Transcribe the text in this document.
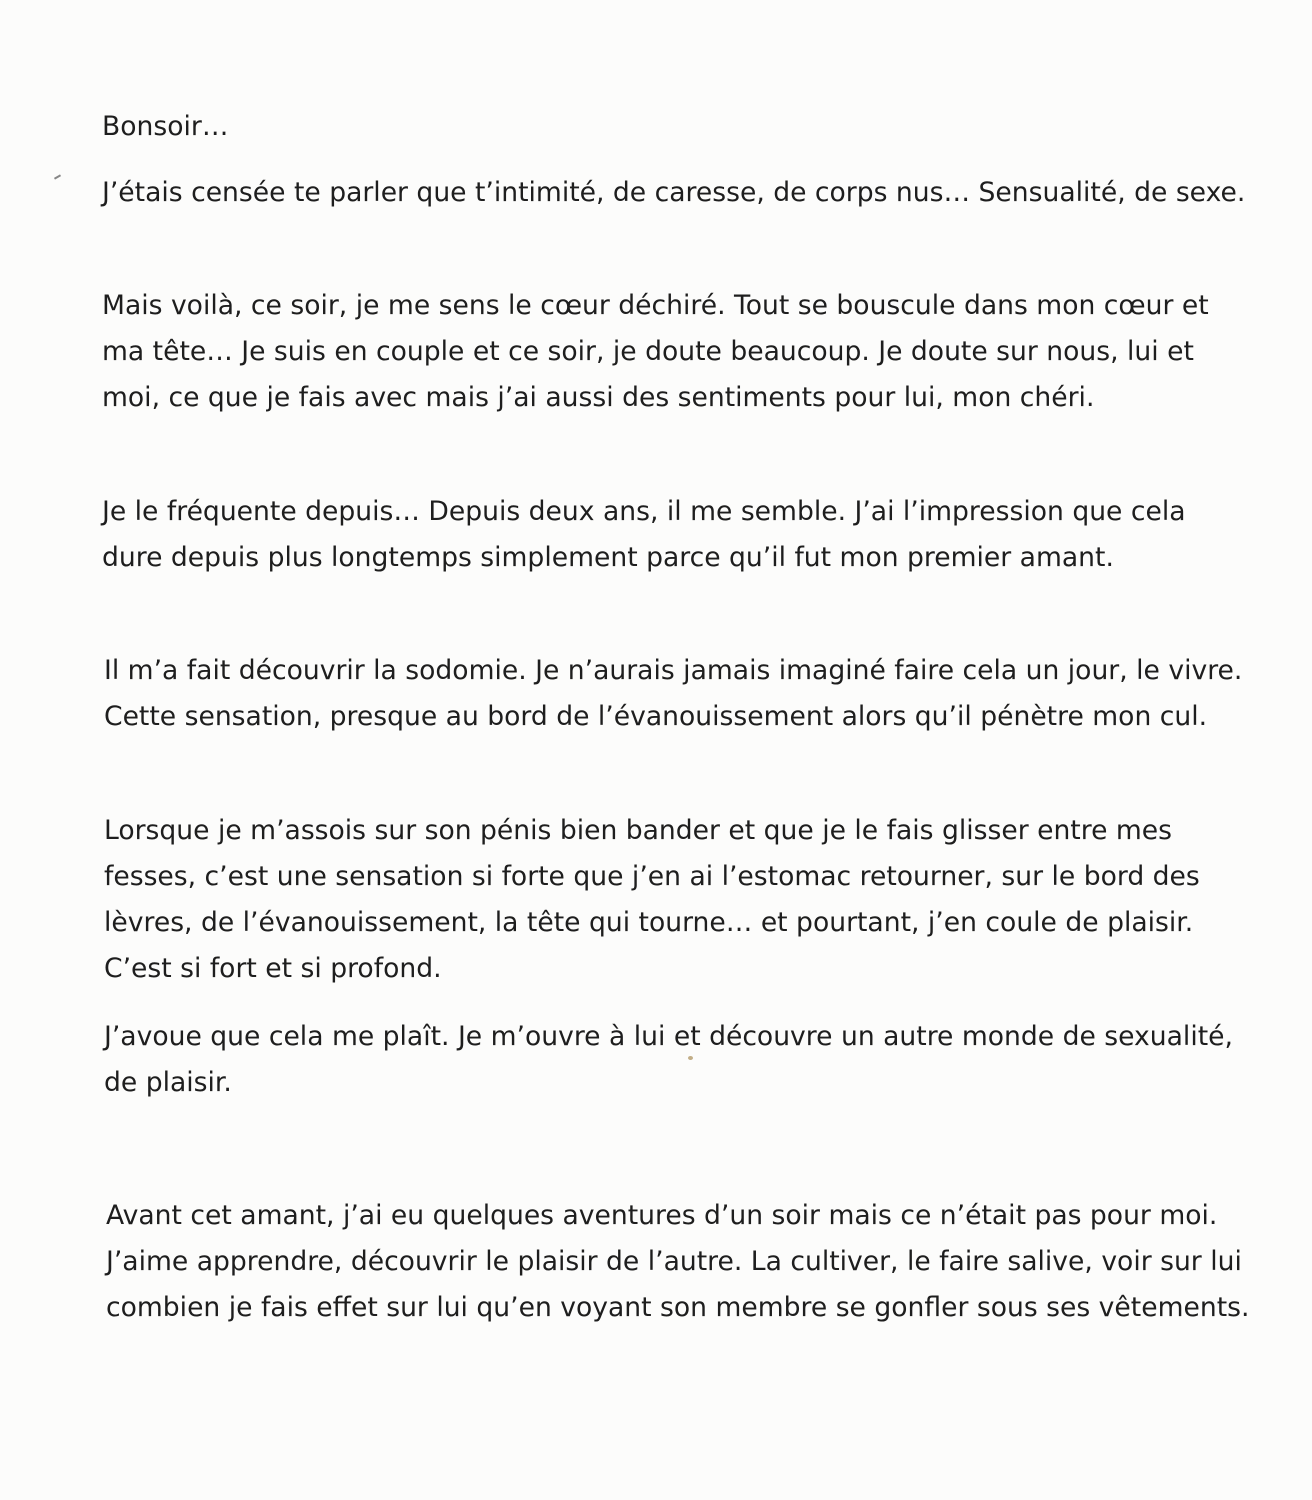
Bonsoir…

J’étais censée te parler que t’intimité, de caresse, de corps nus… Sensualité, de sexe.

Mais voilà, ce soir, je me sens le cœur déchiré. Tout se bouscule dans mon cœur et ma tête… Je suis en couple et ce soir, je doute beaucoup. Je doute sur nous, lui et moi, ce que je fais avec mais j’ai aussi des sentiments pour lui, mon chéri.

Je le fréquente depuis… Depuis deux ans, il me semble. J’ai l’impression que cela dure depuis plus longtemps simplement parce qu’il fut mon premier amant.

Il m’a fait découvrir la sodomie. Je n’aurais jamais imaginé faire cela un jour, le vivre. Cette sensation, presque au bord de l’évanouissement alors qu’il pénètre mon cul.

Lorsque je m’assois sur son pénis bien bander et que je le fais glisser entre mes fesses, c’est une sensation si forte que j’en ai l’estomac retourner, sur le bord des lèvres, de l’évanouissement, la tête qui tourne… et pourtant, j’en coule de plaisir. C’est si fort et si profond.

J’avoue que cela me plaît. Je m’ouvre à lui et découvre un autre monde de sexualité, de plaisir.

Avant cet amant, j’ai eu quelques aventures d’un soir mais ce n’était pas pour moi. J’aime apprendre, découvrir le plaisir de l’autre. La cultiver, le faire salive, voir sur lui combien je fais effet sur lui qu’en voyant son membre se gonfler sous ses vêtements.
